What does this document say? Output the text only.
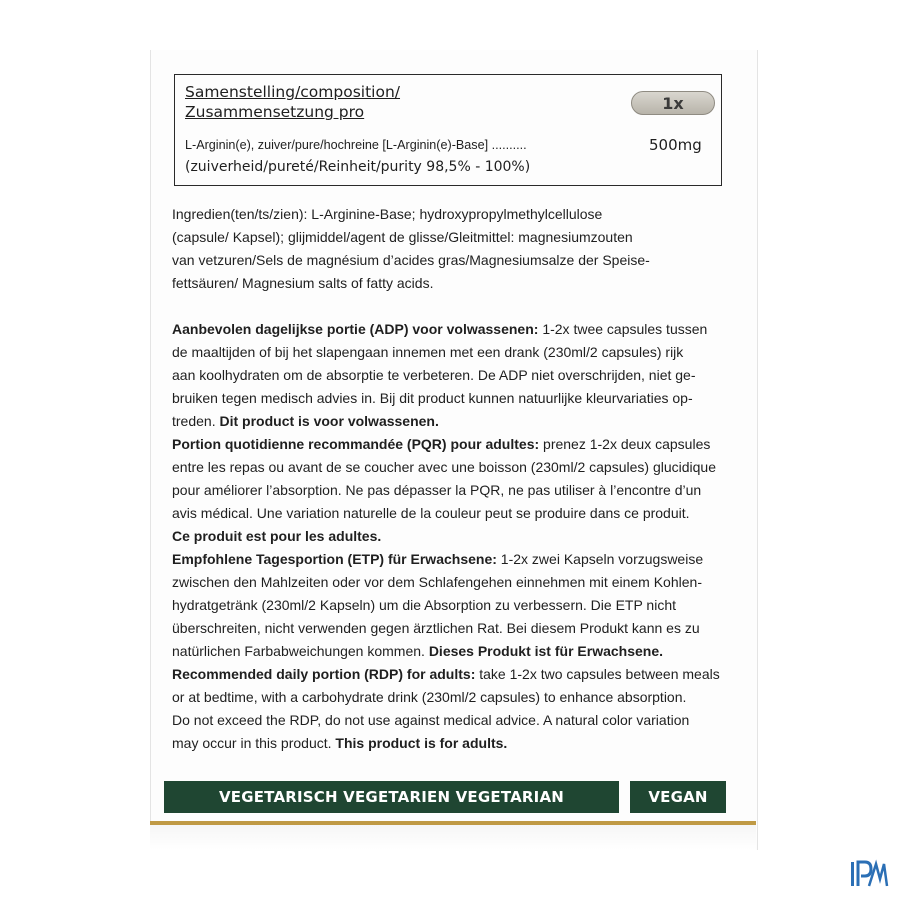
Samenstelling/composition/
Zusammensetzung pro	1x
L-Arginin(e), zuiver/pure/hochreine [L-Arginin(e)-Base] ..........	500mg
(zuiverheid/pureté/Reinheit/purity 98,5% - 100%)
Ingredien(ten/ts/zien): L-Arginine-Base; hydroxypropylmethylcellulose
(capsule/ Kapsel); glijmiddel/agent de glisse/Gleitmittel: magnesiumzouten
van vetzuren/Sels de magnésium d’acides gras/Magnesiumsalze der Speise-
fettsäuren/ Magnesium salts of fatty acids.
Aanbevolen dagelijkse portie (ADP) voor volwassenen: 1-2x twee capsules tussen
de maaltijden of bij het slapengaan innemen met een drank (230ml/2 capsules) rijk
aan koolhydraten om de absorptie te verbeteren. De ADP niet overschrijden, niet ge-
bruiken tegen medisch advies in. Bij dit product kunnen natuurlijke kleurvariaties op-
treden. Dit product is voor volwassenen.
Portion quotidienne recommandée (PQR) pour adultes: prenez 1-2x deux capsules
entre les repas ou avant de se coucher avec une boisson (230ml/2 capsules) glucidique
pour améliorer l’absorption. Ne pas dépasser la PQR, ne pas utiliser à l’encontre d’un
avis médical. Une variation naturelle de la couleur peut se produire dans ce produit.
Ce produit est pour les adultes.
Empfohlene Tagesportion (ETP) für Erwachsene: 1-2x zwei Kapseln vorzugsweise
zwischen den Mahlzeiten oder vor dem Schlafengehen einnehmen mit einem Kohlen-
hydratgetränk (230ml/2 Kapseln) um die Absorption zu verbessern. Die ETP nicht
überschreiten, nicht verwenden gegen ärztlichen Rat. Bei diesem Produkt kann es zu
natürlichen Farbabweichungen kommen. Dieses Produkt ist für Erwachsene.
Recommended daily portion (RDP) for adults: take 1-2x two capsules between meals
or at bedtime, with a carbohydrate drink (230ml/2 capsules) to enhance absorption.
Do not exceed the RDP, do not use against medical advice. A natural color variation
may occur in this product. This product is for adults.
VEGETARISCH VEGETARIEN VEGETARIAN	VEGAN
